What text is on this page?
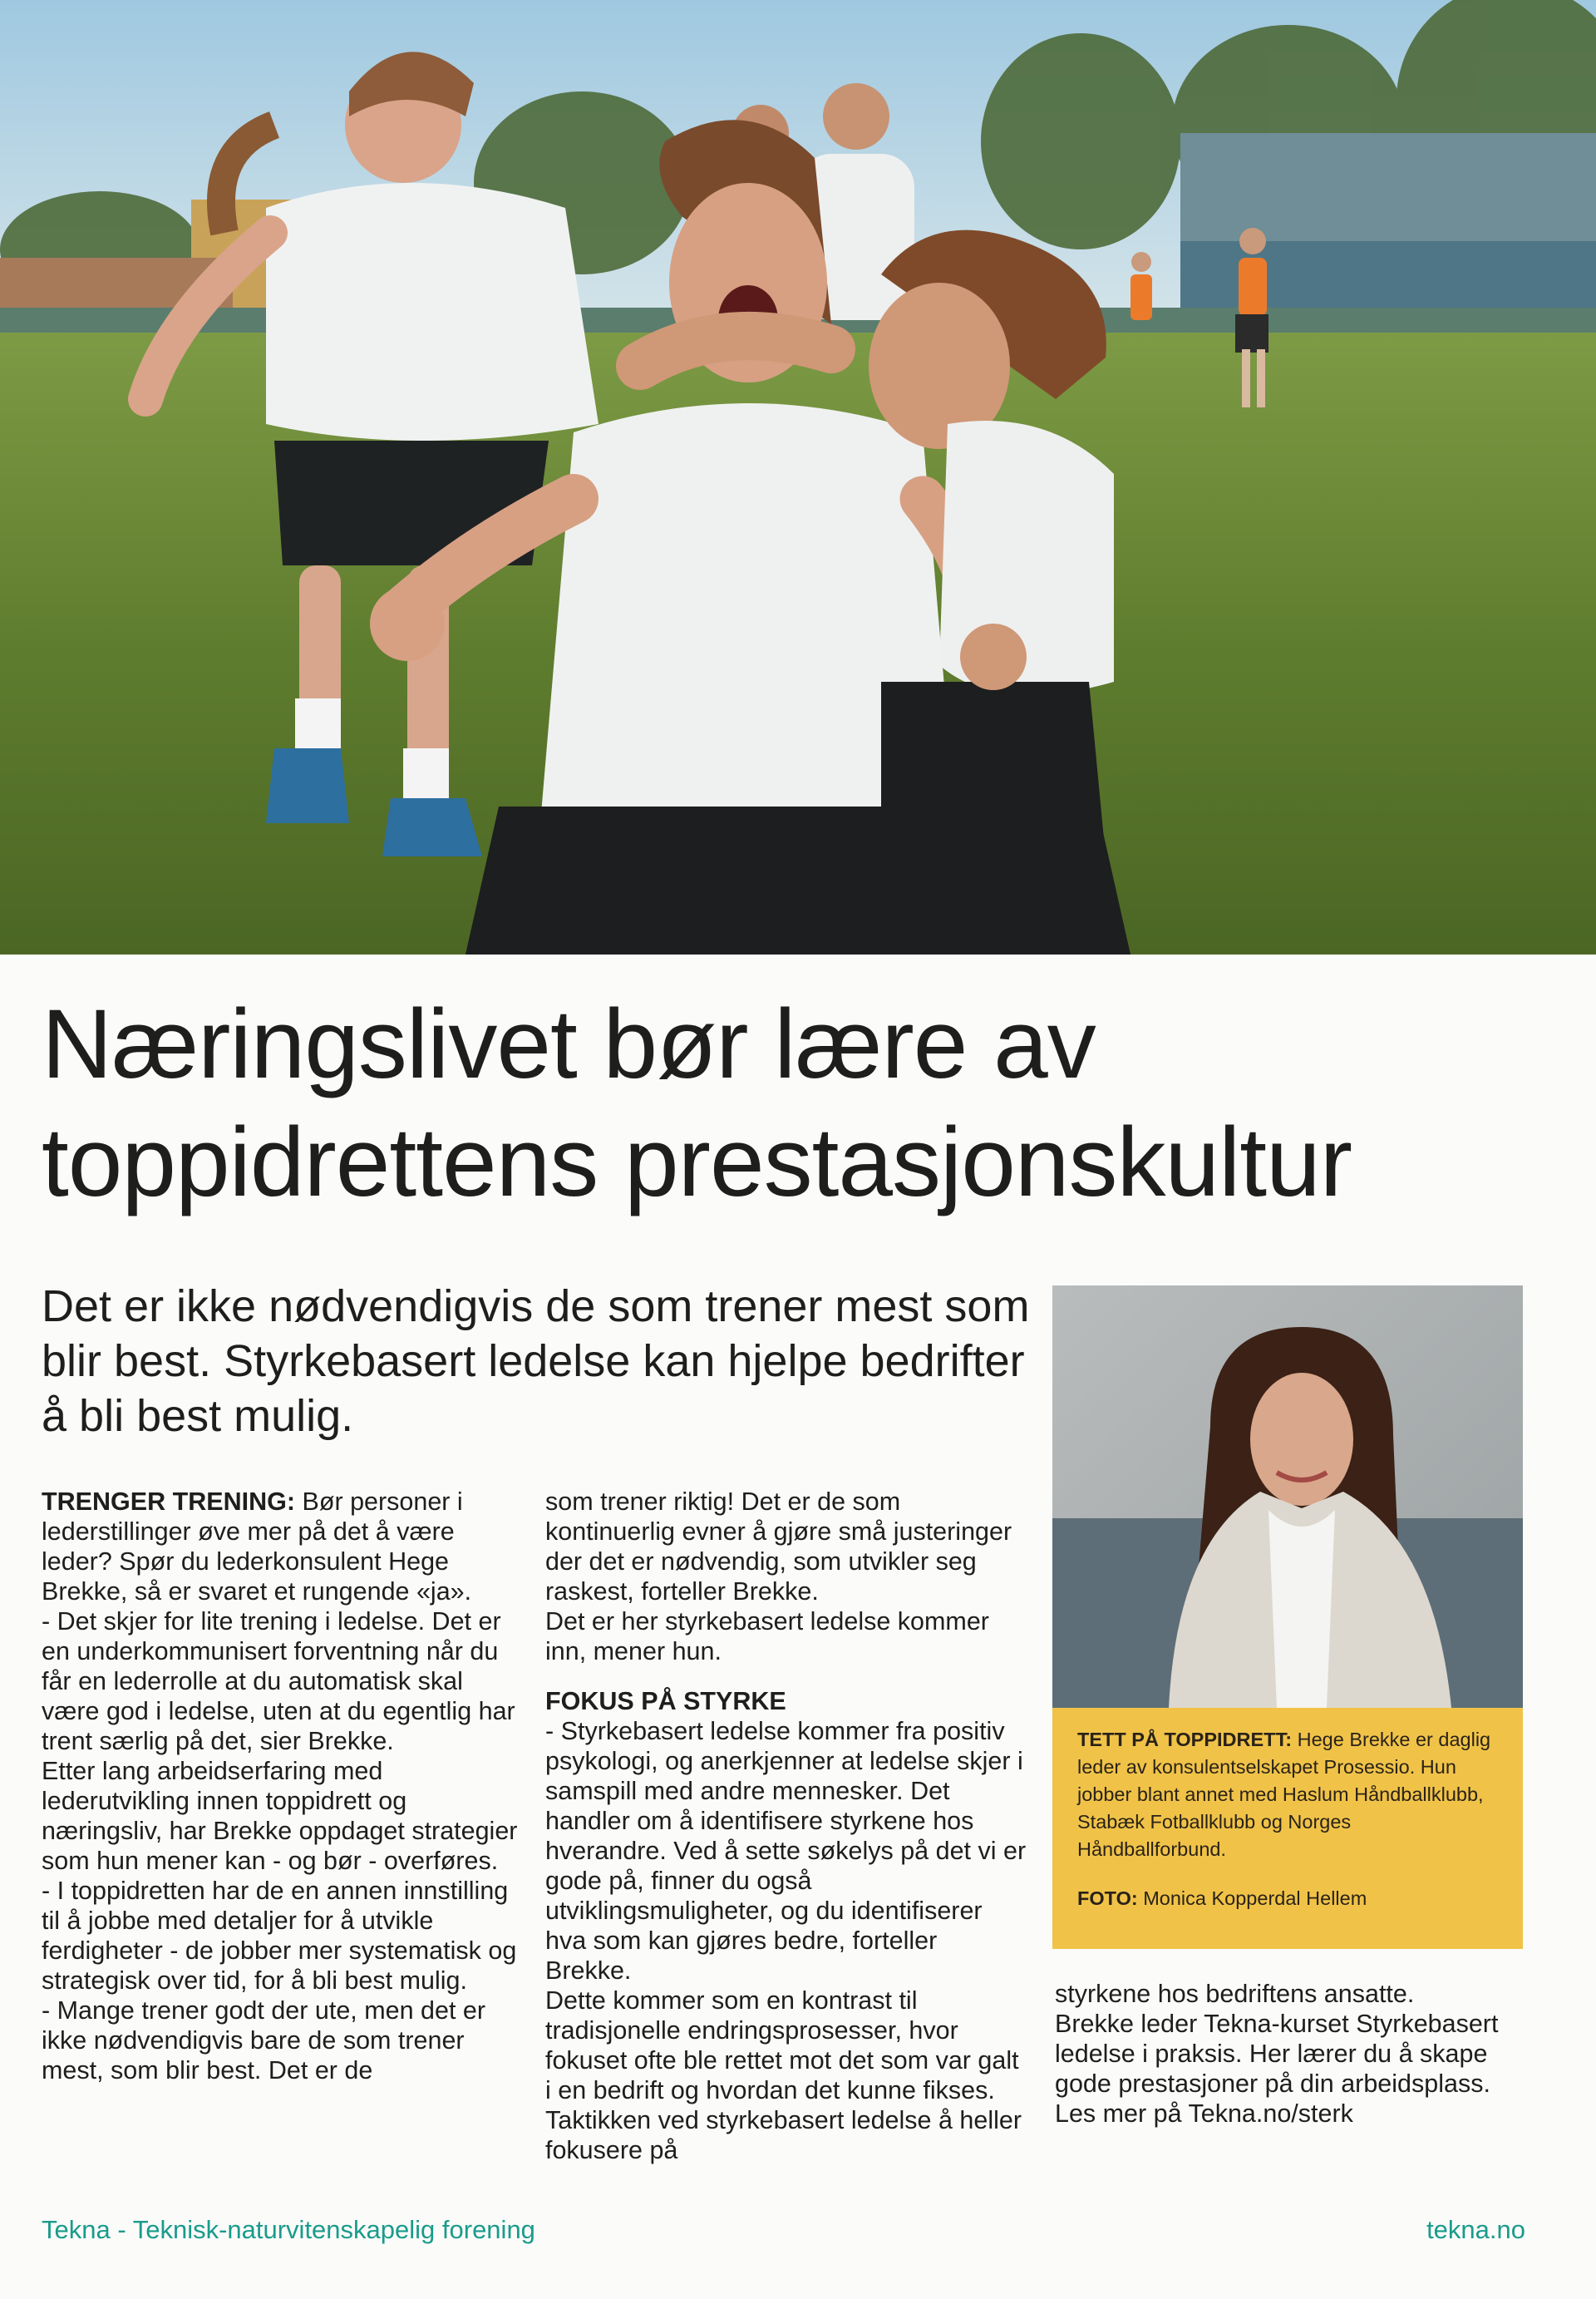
Næringslivet bør lære av
toppidrettens prestasjonskultur

Det er ikke nødvendigvis de som trener mest som blir best. Styrkebasert ledelse kan hjelpe bedrifter å bli best mulig.

TRENGER TRENING: Bør personer i lederstillinger øve mer på det å være leder? Spør du lederkonsulent Hege Brekke, så er svaret et rungende «ja».

- Det skjer for lite trening i ledelse. Det er en underkommunisert forventning når du får en lederrolle at du automatisk skal være god i ledelse, uten at du egentlig har trent særlig på det, sier Brekke.

Etter lang arbeidserfaring med lederutvikling innen toppidrett og næringsliv, har Brekke oppdaget strategier som hun mener kan - og bør - overføres.

- I toppidretten har de en annen innstilling til å jobbe med detaljer for å utvikle ferdigheter - de jobber mer systematisk og strategisk over tid, for å bli best mulig.

- Mange trener godt der ute, men det er ikke nødvendigvis bare de som trener mest, som blir best. Det er de

som trener riktig! Det er de som kontinuerlig evner å gjøre små justeringer der det er nødvendig, som utvikler seg raskest, forteller Brekke.

Det er her styrkebasert ledelse kommer inn, mener hun.

FOKUS PÅ STYRKE

- Styrkebasert ledelse kommer fra positiv psykologi, og anerkjenner at ledelse skjer i samspill med andre mennesker. Det handler om å identifisere styrkene hos hverandre. Ved å sette søkelys på det vi er gode på, finner du også utviklingsmuligheter, og du identifiserer hva som kan gjøres bedre, forteller Brekke.

Dette kommer som en kontrast til tradisjonelle endringsprosesser, hvor fokuset ofte ble rettet mot det som var galt i en bedrift og hvordan det kunne fikses. Taktikken ved styrkebasert ledelse å heller fokusere på

TETT PÅ TOPPIDRETT: Hege Brekke er daglig leder av konsulentselskapet Prosessio. Hun jobber blant annet med Haslum Håndballklubb, Stabæk Fotballklubb og Norges Håndballforbund.

FOTO: Monica Kopperdal Hellem

styrkene hos bedriftens ansatte.

Brekke leder Tekna-kurset Styrkebasert ledelse i praksis. Her lærer du å skape gode prestasjoner på din arbeidsplass. Les mer på Tekna.no/sterk

Tekna - Teknisk-naturvitenskapelig forening	tekna.no
